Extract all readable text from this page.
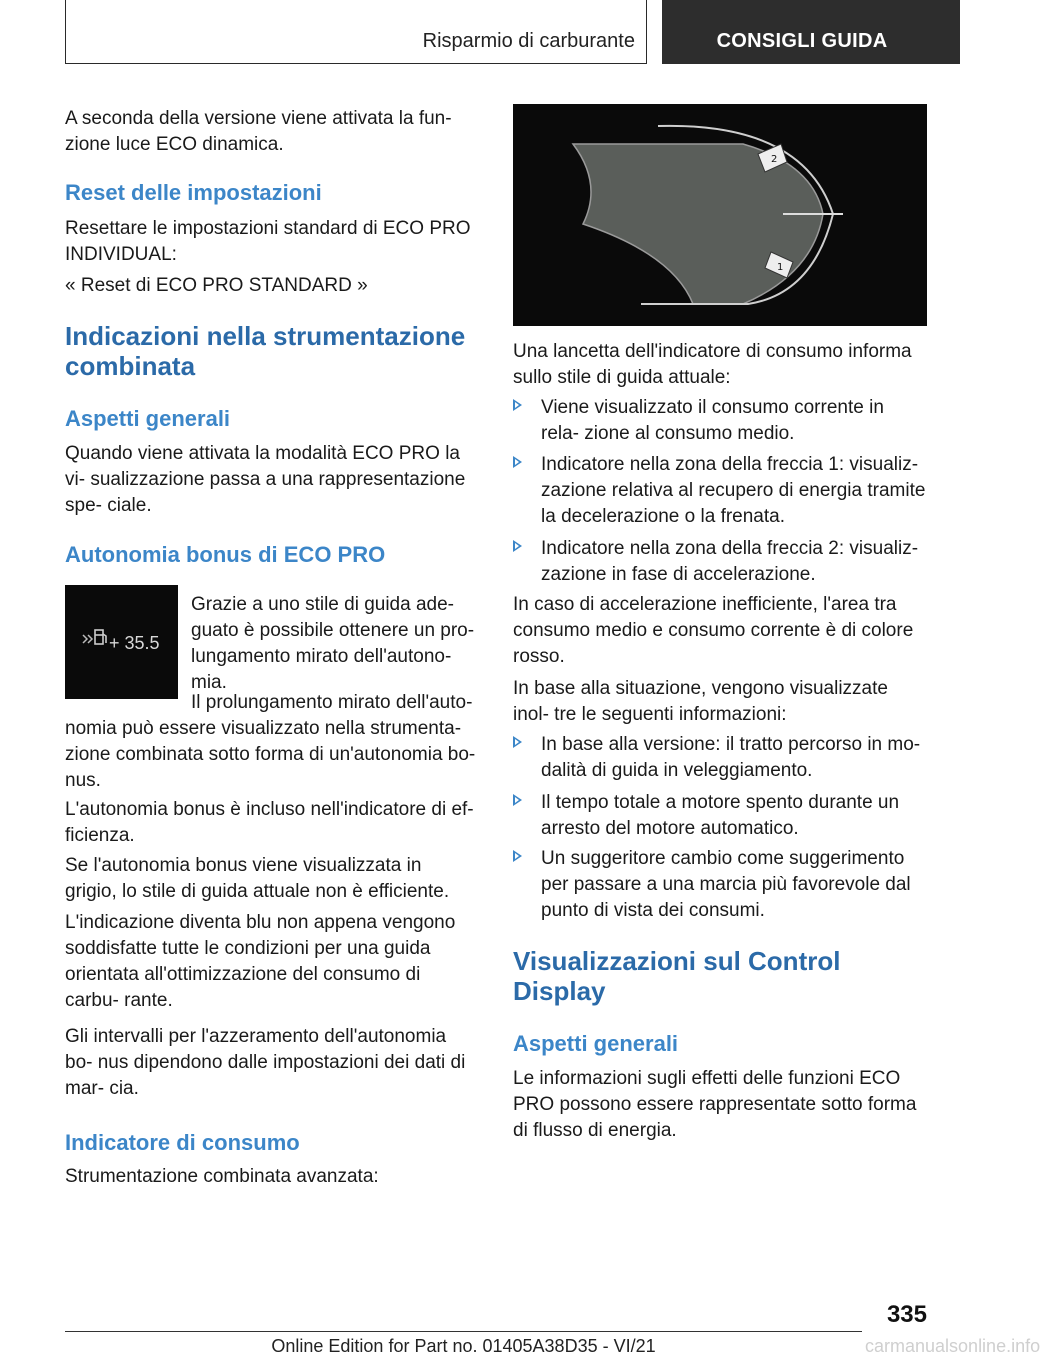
Risparmio di carburante	CONSIGLI GUIDA
A seconda della versione viene attivata la fun- zione luce ECO dinamica.
Reset delle impostazioni
Resettare le impostazioni standard di ECO PRO INDIVIDUAL:
« Reset di ECO PRO STANDARD »
Indicazioni nella strumentazione combinata
Aspetti generali
Quando viene attivata la modalità ECO PRO la vi- sualizzazione passa a una rappresentazione spe- ciale.
Autonomia bonus di ECO PRO
+ 35.5
Grazie a uno stile di guida ade- guato è possibile ottenere un pro- lungamento mirato dell'autono- mia.
Il prolungamento mirato dell'auto-
nomia può essere visualizzato nella strumenta- zione combinata sotto forma di un'autonomia bo- nus.
L'autonomia bonus è incluso nell'indicatore di ef- ficienza.
Se l'autonomia bonus viene visualizzata in grigio, lo stile di guida attuale non è efficiente.
L'indicazione diventa blu non appena vengono soddisfatte tutte le condizioni per una guida orientata all'ottimizzazione del consumo di carbu- rante.
Gli intervalli per l'azzeramento dell'autonomia bo- nus dipendono dalle impostazioni dei dati di mar- cia.
Indicatore di consumo
Strumentazione combinata avanzata:
2
1
Una lancetta dell'indicatore di consumo informa sullo stile di guida attuale:
Viene visualizzato il consumo corrente in rela- zione al consumo medio.
Indicatore nella zona della freccia 1: visualiz- zazione relativa al recupero di energia tramite la decelerazione o la frenata.
Indicatore nella zona della freccia 2: visualiz- zazione in fase di accelerazione.
In caso di accelerazione inefficiente, l'area tra consumo medio e consumo corrente è di colore rosso.
In base alla situazione, vengono visualizzate inol- tre le seguenti informazioni:
In base alla versione: il tratto percorso in mo- dalità di guida in veleggiamento.
Il tempo totale a motore spento durante un arresto del motore automatico.
Un suggeritore cambio come suggerimento per passare a una marcia più favorevole dal punto di vista dei consumi.
Visualizzazioni sul Control Display
Aspetti generali
Le informazioni sugli effetti delle funzioni ECO PRO possono essere rappresentate sotto forma di flusso di energia.
335
Online Edition for Part no. 01405A38D35 - VI/21	carmanualsonline.info
